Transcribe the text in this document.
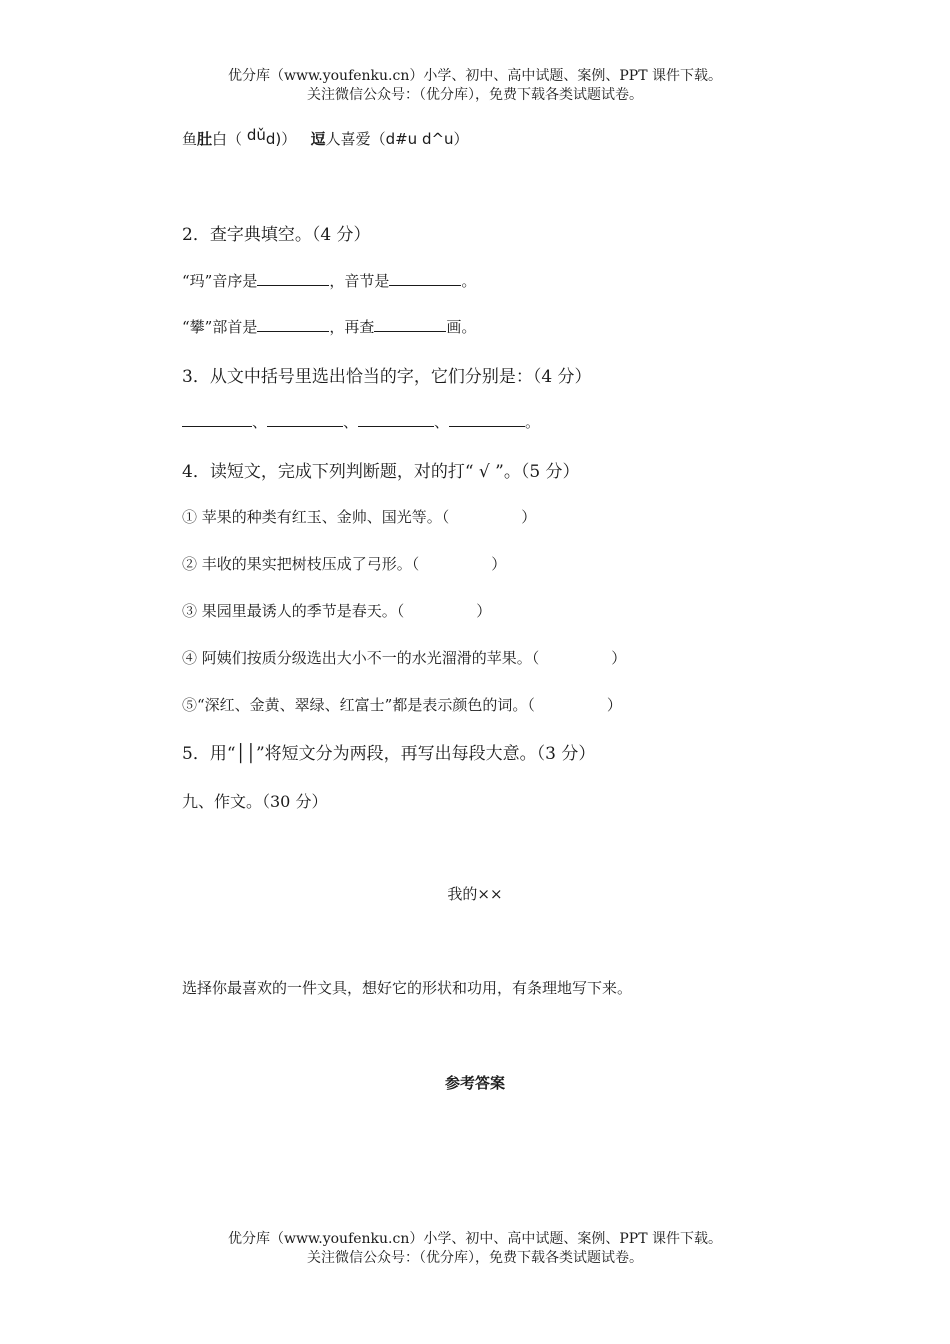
优分库（www.youfenku.cn）小学、初中、高中试题、案例、PPT 课件下载。
关注微信公众号：（优分库），免费下载各类试题试卷。
鱼肚白（ dǔd)） 逗人喜爱（d#u d^u）
2．查字典填空。（4 分）
“玛”音序是	，音节是	。
“攀”部首是	，再查	画。
3．从文中括号里选出恰当的字，它们分别是：（4 分）
、	、	、	。
4．读短文，完成下列判断题，对的打“ √ ”。（5 分）
① 苹果的种类有红玉、金帅、国光等。（	）
② 丰收的果实把树枝压成了弓形。（	）
③ 果园里最诱人的季节是春天。（	）
④ 阿姨们按质分级选出大小不一的水光溜滑的苹果。（	）
⑤“深红、金黄、翠绿、红富士”都是表示颜色的词。（	）
5．用“││”将短文分为两段，再写出每段大意。（3 分）
九、作文。（30 分）
我的××
选择你最喜欢的一件文具，想好它的形状和功用，有条理地写下来。
参考答案
优分库（www.youfenku.cn）小学、初中、高中试题、案例、PPT 课件下载。
关注微信公众号：（优分库），免费下载各类试题试卷。
